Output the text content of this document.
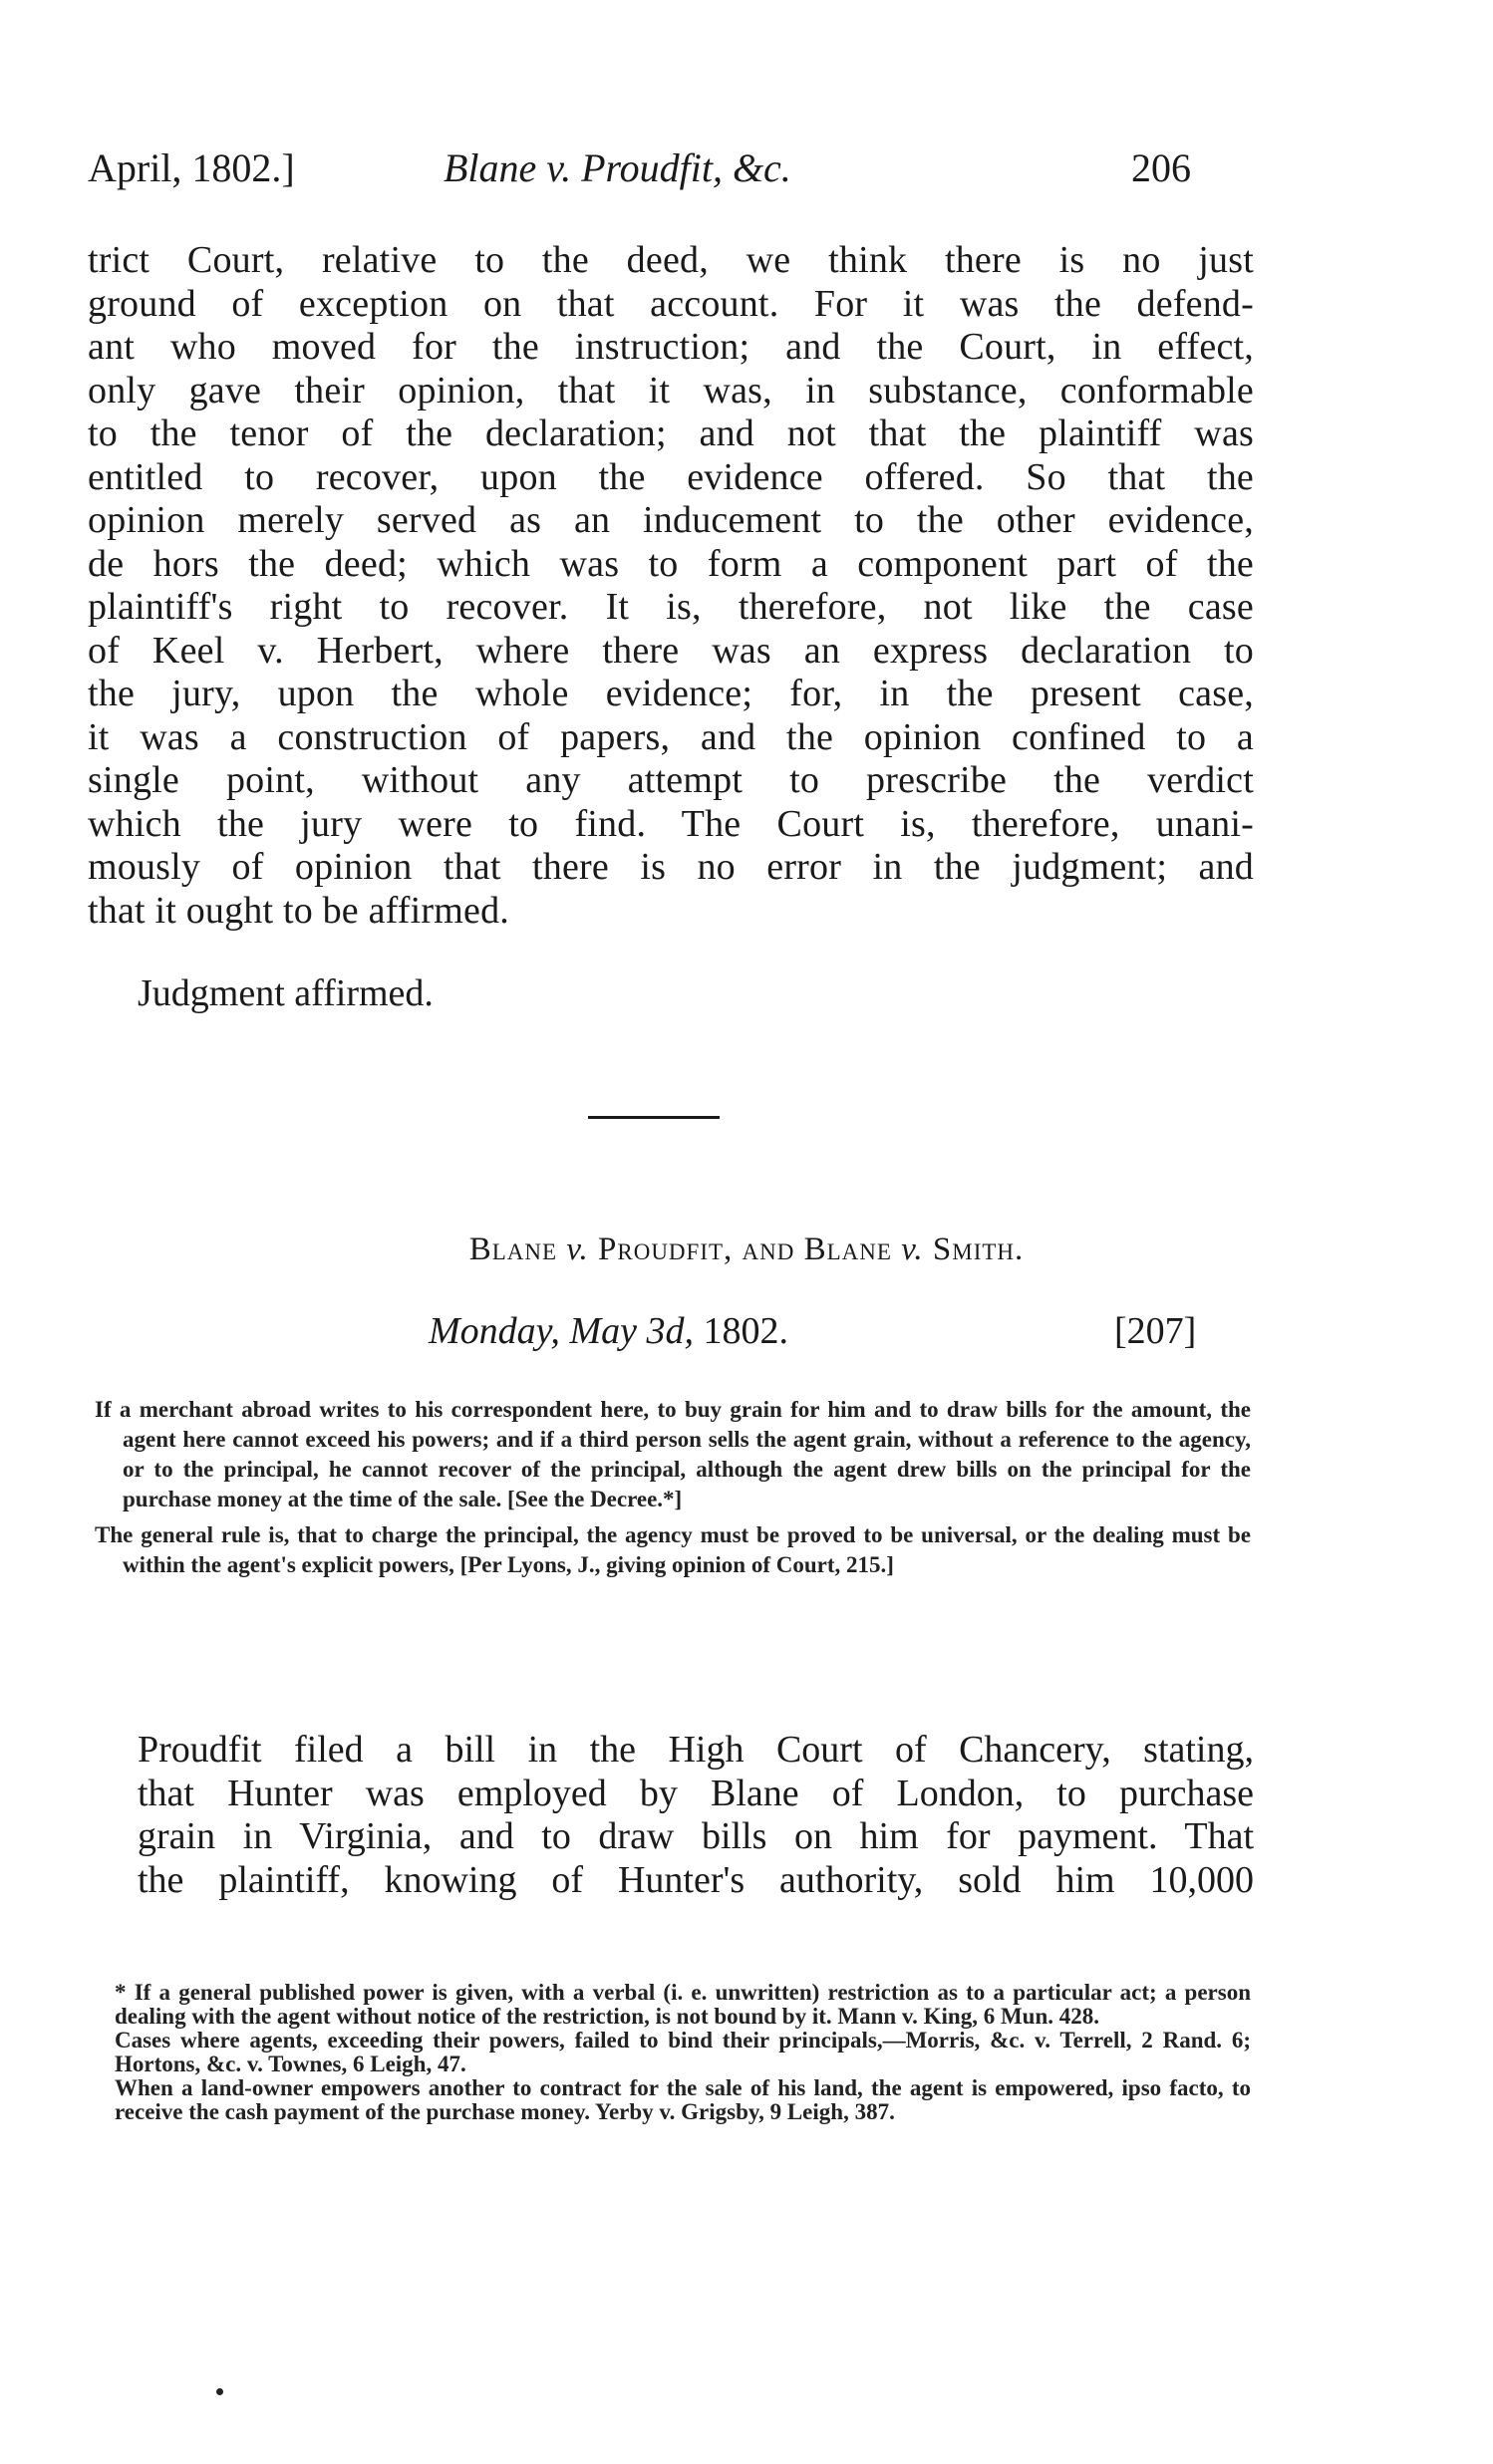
April, 1802.]	Blane v. Proudfit, &c.	206
trict Court, relative to the deed, we think there is no just
ground of exception on that account. For it was the defend-
ant who moved for the instruction; and the Court, in effect,
only gave their opinion, that it was, in substance, conformable
to the tenor of the declaration; and not that the plaintiff was
entitled to recover, upon the evidence offered. So that the
opinion merely served as an inducement to the other evidence,
de hors the deed; which was to form a component part of the
plaintiff's right to recover. It is, therefore, not like the case
of Keel v. Herbert, where there was an express declaration to
the jury, upon the whole evidence; for, in the present case,
it was a construction of papers, and the opinion confined to a
single point, without any attempt to prescribe the verdict
which the jury were to find. The Court is, therefore, unani-
mously of opinion that there is no error in the judgment; and
that it ought to be affirmed.
Judgment affirmed.
Blane v. Proudfit, and Blane v. Smith.
Monday, May 3d, 1802.	[207]

If a merchant abroad writes to his correspondent here, to buy grain for him and to draw bills for the amount, the agent here cannot exceed his powers; and if a third person sells the agent grain, without a reference to the agency, or to the principal, he cannot recover of the principal, although the agent drew bills on the principal for the purchase money at the time of the sale. [See the Decree.*]

The general rule is, that to charge the principal, the agency must be proved to be universal, or the dealing must be within the agent's explicit powers, [Per Lyons, J., giving opinion of Court, 215.]

Proudfit filed a bill in the High Court of Chancery, stating,
that Hunter was employed by Blane of London, to purchase
grain in Virginia, and to draw bills on him for payment. That
the plaintiff, knowing of Hunter's authority, sold him 10,000

* If a general published power is given, with a verbal (i. e. unwritten) restriction as to a particular act; a person dealing with the agent without notice of the restriction, is not bound by it. Mann v. King, 6 Mun. 428.

Cases where agents, exceeding their powers, failed to bind their principals,—Morris, &c. v. Terrell, 2 Rand. 6; Hortons, &c. v. Townes, 6 Leigh, 47.

When a land-owner empowers another to contract for the sale of his land, the agent is empowered, ipso facto, to receive the cash payment of the purchase money. Yerby v. Grigsby, 9 Leigh, 387.
